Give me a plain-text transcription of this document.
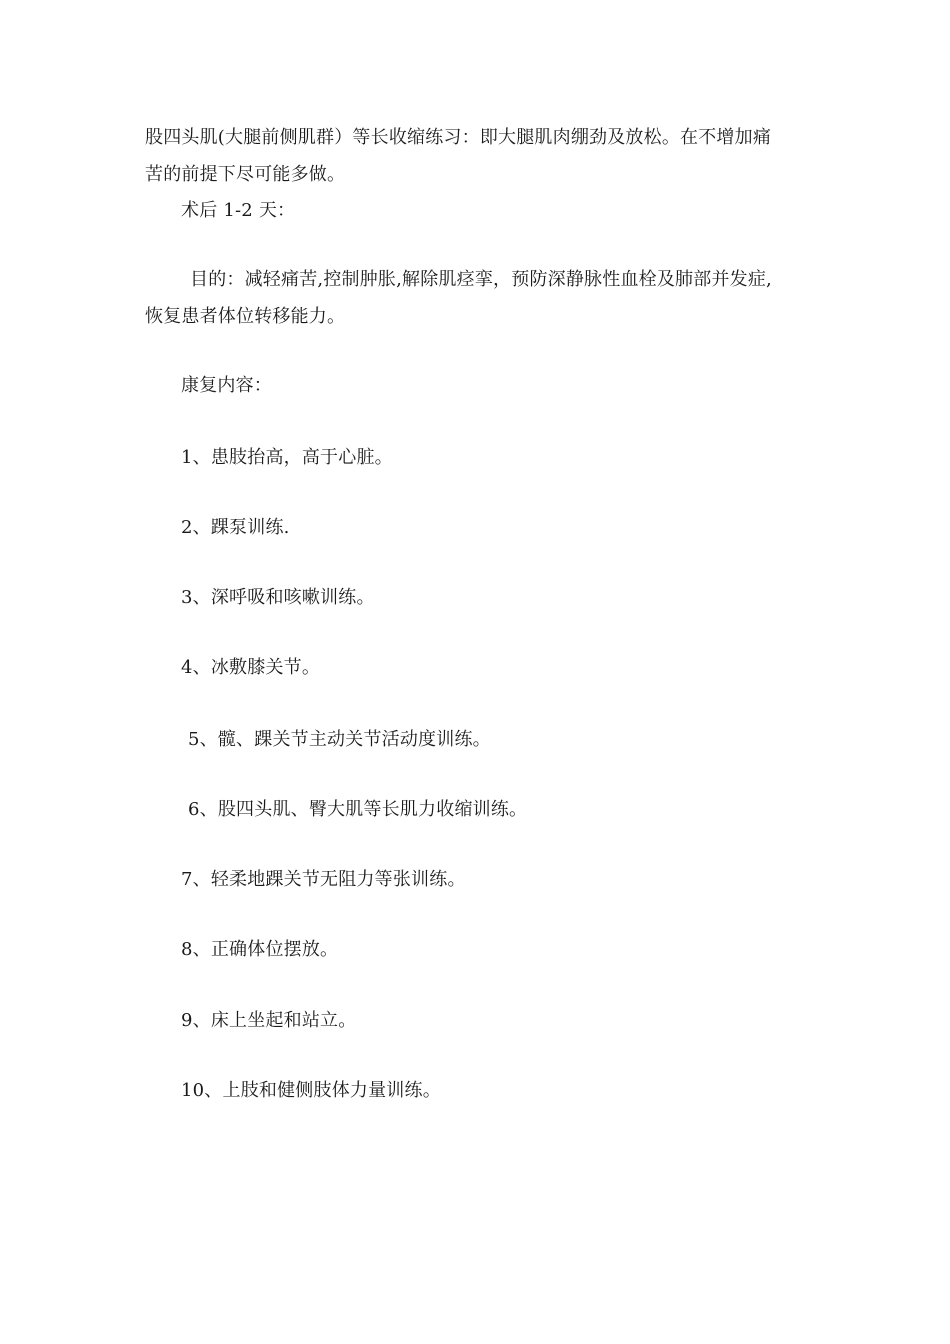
股四头肌(大腿前侧肌群）等长收缩练习：即大腿肌肉绷劲及放松。在不增加痛
苦的前提下尽可能多做。
术后 1-2 天：
目的：减轻痛苦,控制肿胀,解除肌痉挛，预防深静脉性血栓及肺部并发症,
恢复患者体位转移能力。
康复内容：
1、患肢抬高，高于心脏。
2、踝泵训练.
3、深呼吸和咳嗽训练。
4、冰敷膝关节。
5、髋、踝关节主动关节活动度训练。
6、股四头肌、臀大肌等长肌力收缩训练。
7、轻柔地踝关节无阻力等张训练。
8、正确体位摆放。
9、床上坐起和站立。
10、上肢和健侧肢体力量训练。
